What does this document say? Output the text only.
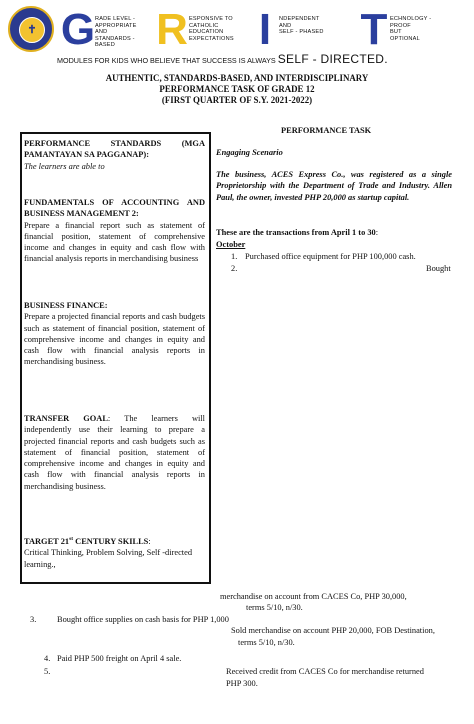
✝ G RADE LEVEL -
APPROPRIATE
AND
STANDARDS -
BASED R ESPONSIVE TO
CATHOLIC
EDUCATION
EXPECTATIONS I	NDEPENDENT
AND
SELF - PHASED T ECHNOLOGY -
PROOF
BUT
OPTIONAL
MODULES FOR KIDS WHO BELIEVE THAT SUCCESS IS ALWAYS SELF - DIRECTED.
AUTHENTIC, STANDARDS-BASED, AND INTERDISCIPLINARY
PERFORMANCE TASK OF GRADE 12
(FIRST QUARTER OF S.Y. 2021-2022)
PERFORMANCE STANDARDS (MGA PAMANTAYAN SA PAGGANAP):
The learners are able to
FUNDAMENTALS OF ACCOUNTING AND BUSINESS MANAGEMENT 2:
Prepare a financial report such as statement of financial position, statement of comprehensive income and changes in equity and cash flow with financial analysis reports in merchandising business
BUSINESS FINANCE:
Prepare a projected financial reports and cash budgets such as statement of financial position, statement of comprehensive income and changes in equity and cash flow with financial analysis reports in merchandising business.
TRANSFER GOAL: The learners will independently use their learning to prepare a projected financial reports and cash budgets such as statement of financial position, statement of comprehensive income and changes in equity and cash flow with financial analysis reports in merchandising business.
TARGET 21st CENTURY SKILLS:
Critical Thinking, Problem Solving, Self -directed learning.,
PERFORMANCE TASK
Engaging Scenario
The business, ACES Express Co., was registered as a single Proprietorship with the Department of Trade and Industry. Allen Paul, the owner, invested PHP 20,000 as startup capital.
These are the transactions from April 1 to 30:
October
1. Purchased office equipment for PHP 100,000 cash.
2.	Bought
merchandise on account from CACES Co, PHP 30,000,
terms 5/10, n/30.
3. Bought office supplies on cash basis for PHP 1,000
Sold merchandise on account PHP 20,000, FOB Destination,
terms 5/10, n/30.
4. Paid PHP 500 freight on April 4 sale.
5.	Received credit from CACES Co for merchandise returned
PHP 300.
